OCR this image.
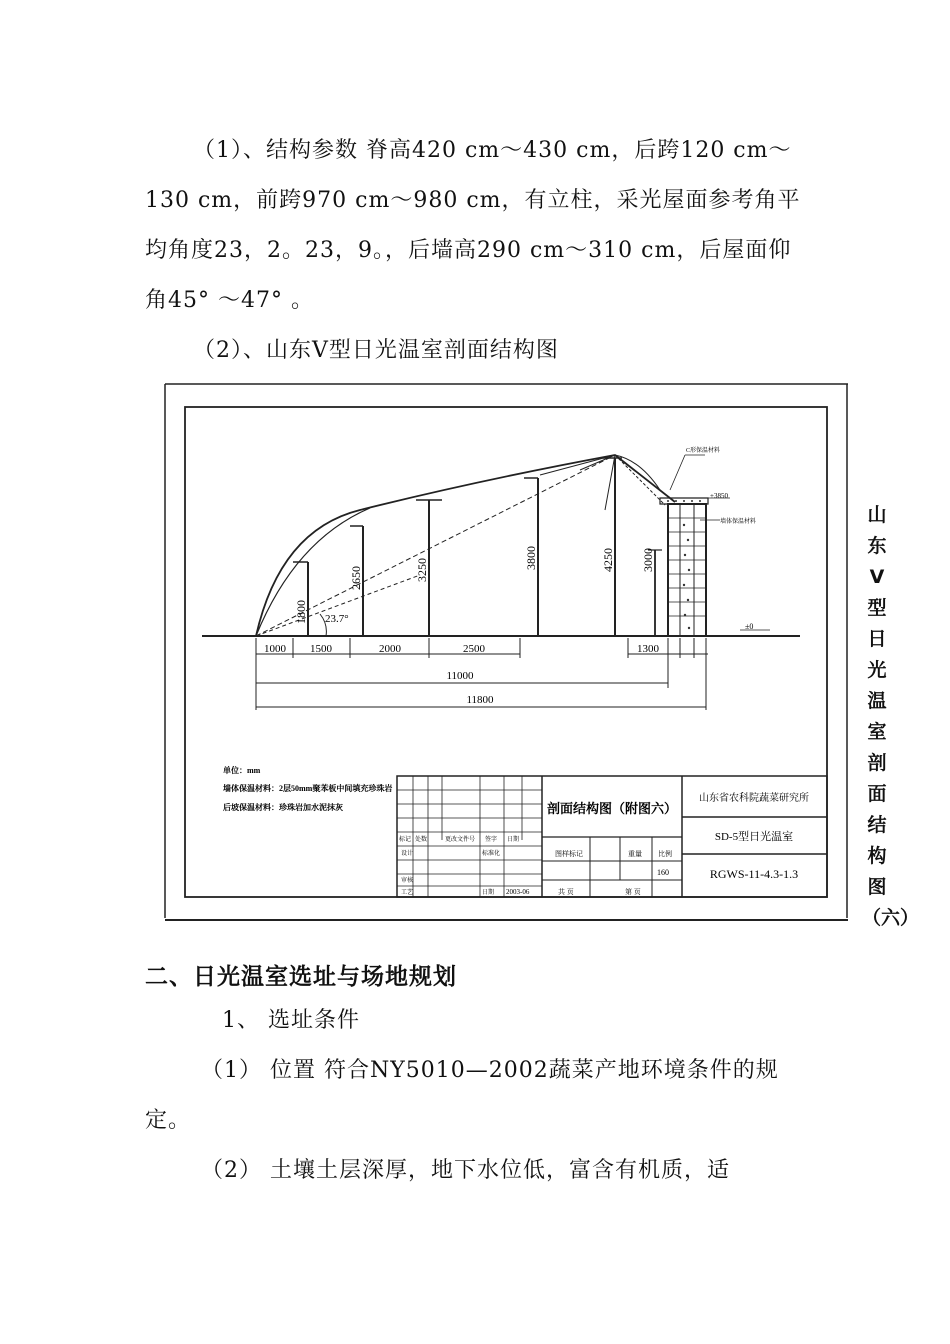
（1）、结构参数 脊高420 cm～430 cm，后跨120 cm～130 cm，前跨970 cm～980 cm，有立柱，采光屋面参考角平均角度23，2。23，9。，后墙高290 cm～310 cm，后屋面仰角45° ～47° 。

（2）、山东Ⅴ型日光温室剖面结构图

1800
2650	3250	3800	4250 3000
23.7°
C形保温材料
+3850
墙体保温材料
±0
1000 1500	2000	2500	1300
11000
11800
单位：mm
墙体保温材料：2层50mm聚苯板中间填充珍珠岩
后坡保温材料：珍珠岩加水泥抹灰
标记 处数	更改文件号 签字 日期
设计	标准化
审核
工艺	日期 2003-06
剖面结构图（附图六）
图样标记	重量 比例
160
共 页	第 页
山东省农科院蔬菜研究所
SD-5型日光温室
RGWS-11-4.3-1.3
山东Ⅴ型日光温室剖面结构图（六）
二、日光温室选址与场地规划

1、 选址条件

（1） 位置 符合NY5010—2002蔬菜产地环境条件的规定。

（2） 土壤土层深厚，地下水位低，富含有机质，适
